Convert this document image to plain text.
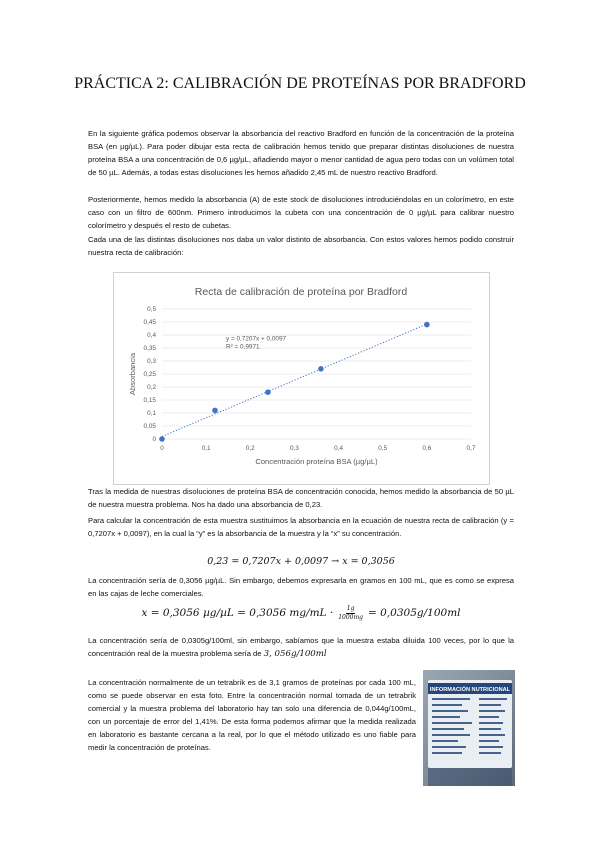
PRÁCTICA 2: CALIBRACIÓN DE PROTEÍNAS POR BRADFORD

En la siguiente gráfica podemos observar la absorbancia del reactivo Bradford en función de la concentración de la proteína BSA (en µg/µL). Para poder dibujar esta recta de calibración hemos tenido que preparar distintas disoluciones de nuestra proteína BSA a una concentración de 0,6 µg/µL, añadiendo mayor o menor cantidad de agua pero todas con un volúmen total de 50 µL. Además, a todas estas disoluciones les hemos añadido 2,45 mL de nuestro reactivo Bradford.

Posteriormente, hemos medido la absorbancia (A) de este stock de disoluciones introduciéndolas en un colorímetro, en este caso con un filtro de 600nm. Primero introducimos la cubeta con una concentración de 0 µg/µL para calibrar nuestro colorímetro y después el resto de cubetas.

Cada una de las distintas disoluciones nos daba un valor distinto de absorbancia. Con estos valores hemos podido construir nuestra recta de calibración:

0
0,05
0,1
0,15
0,2
0,25
0,3
0,35
0,4
0,45
0,5
0	0,1	0,2	0,3	0,4	0,5	0,6	0,7
Recta de calibración de proteína por Bradford
Concentración proteína BSA (µg/µL)
Absorbancia
y = 0,7207x + 0,0097
R² = 0,9971

Tras la medida de nuestras disoluciones de proteína BSA de concentración conocida, hemos medido la absorbancia de 50 µL de nuestra muestra problema. Nos ha dado una absorbancia de 0,23.

Para calcular la concentración de esta muestra sustituimos la absorbancia en la ecuación de nuestra recta de calibración (y = 0,7207x + 0,0097), en la cual la “y” es la absorbancia de la muestra y la “x” su concentración.

0,23 = 0,7207x + 0,0097 → x = 0,3056

La concentración sería de 0,3056 µg/µL. Sin embargo, debemos expresarla en gramos en 100 mL, que es como se expresa en las cajas de leche comerciales.

x = 0,3056 µg/µL = 0,3056 $mg/mL \cdot \frac{1g}{1000mg} = 0,0305g/100ml$

La concentración sería de 0,0305g/100ml, sin embargo, sabíamos que la muestra estaba diluida 100 veces, por lo que la concentración real de la muestra problema sería de 3, 056g/100ml

La concentración normalmente de un tetrabrik es de 3,1 gramos de proteínas por cada 100 mL, como se puede observar en esta foto. Entre la concentración normal tomada de un tetrabrik comercial y la muestra problema del laboratorio hay tan solo una diferencia de 0,044g/100mL, con un porcentaje de error del 1,41%. De esta forma podemos afirmar que la medida realizada en laboratorio es bastante cercana a la real, por lo que el método utilizado es uno fiable para medir la concentración de proteínas.

INFORMACIÓN NUTRICIONAL
